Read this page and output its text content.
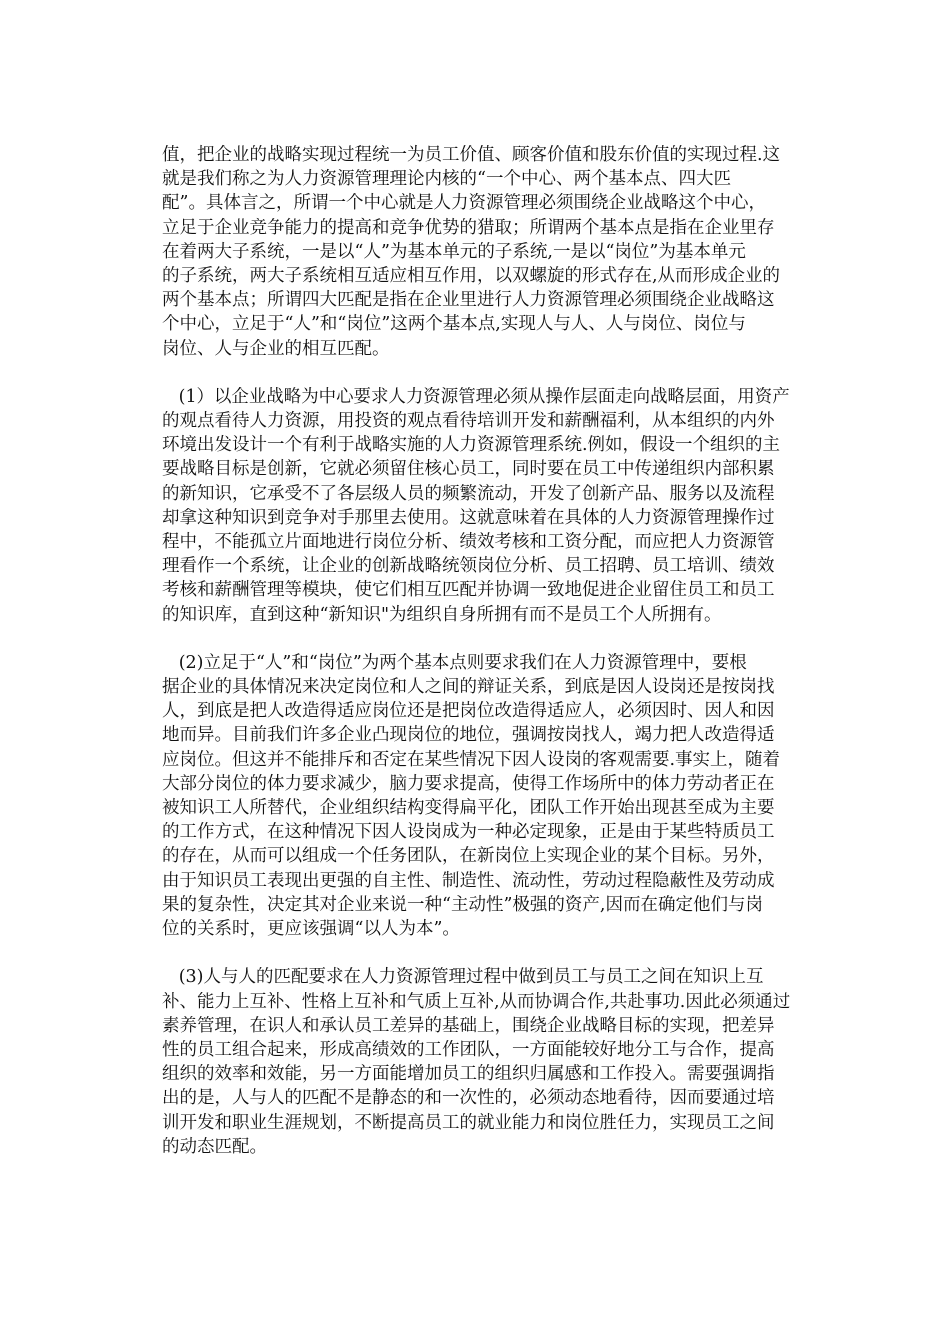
值，把企业的战略实现过程统一为员工价值、顾客价值和股东价值的实现过程.这
就是我们称之为人力资源管理理论内核的“一个中心、两个基本点、四大匹
配”。具体言之，所谓一个中心就是人力资源管理必须围绕企业战略这个中心，
立足于企业竞争能力的提高和竞争优势的猎取；所谓两个基本点是指在企业里存
在着两大子系统，一是以“人”为基本单元的子系统,一是以“岗位”为基本单元
的子系统，两大子系统相互适应相互作用，以双螺旋的形式存在,从而形成企业的
两个基本点；所谓四大匹配是指在企业里进行人力资源管理必须围绕企业战略这
个中心，立足于“人”和“岗位”这两个基本点,实现人与人、人与岗位、岗位与
岗位、人与企业的相互匹配。
(1）以企业战略为中心要求人力资源管理必须从操作层面走向战略层面，用资产
的观点看待人力资源，用投资的观点看待培训开发和薪酬福利，从本组织的内外
环境出发设计一个有利于战略实施的人力资源管理系统.例如，假设一个组织的主
要战略目标是创新，它就必须留住核心员工，同时要在员工中传递组织内部积累
的新知识，它承受不了各层级人员的频繁流动，开发了创新产品、服务以及流程
却拿这种知识到竞争对手那里去使用。这就意味着在具体的人力资源管理操作过
程中，不能孤立片面地进行岗位分析、绩效考核和工资分配，而应把人力资源管
理看作一个系统，让企业的创新战略统领岗位分析、员工招聘、员工培训、绩效
考核和薪酬管理等模块，使它们相互匹配并协调一致地促进企业留住员工和员工
的知识库，直到这种“新知识"为组织自身所拥有而不是员工个人所拥有。
(2)立足于“人”和“岗位”为两个基本点则要求我们在人力资源管理中，要根
据企业的具体情况来决定岗位和人之间的辩证关系，到底是因人设岗还是按岗找
人，到底是把人改造得适应岗位还是把岗位改造得适应人，必须因时、因人和因
地而异。目前我们许多企业凸现岗位的地位，强调按岗找人，竭力把人改造得适
应岗位。但这并不能排斥和否定在某些情况下因人设岗的客观需要.事实上，随着
大部分岗位的体力要求减少，脑力要求提高，使得工作场所中的体力劳动者正在
被知识工人所替代，企业组织结构变得扁平化，团队工作开始出现甚至成为主要
的工作方式，在这种情况下因人设岗成为一种必定现象，正是由于某些特质员工
的存在，从而可以组成一个任务团队，在新岗位上实现企业的某个目标。另外，
由于知识员工表现出更强的自主性、制造性、流动性，劳动过程隐蔽性及劳动成
果的复杂性，决定其对企业来说一种“主动性”极强的资产,因而在确定他们与岗
位的关系时，更应该强调“以人为本”。
(3)人与人的匹配要求在人力资源管理过程中做到员工与员工之间在知识上互
补、能力上互补、性格上互补和气质上互补,从而协调合作,共赴事功.因此必须通过
素养管理，在识人和承认员工差异的基础上，围绕企业战略目标的实现，把差异
性的员工组合起来，形成高绩效的工作团队，一方面能较好地分工与合作，提高
组织的效率和效能，另一方面能增加员工的组织归属感和工作投入。需要强调指
出的是，人与人的匹配不是静态的和一次性的，必须动态地看待，因而要通过培
训开发和职业生涯规划，不断提高员工的就业能力和岗位胜任力，实现员工之间
的动态匹配。
